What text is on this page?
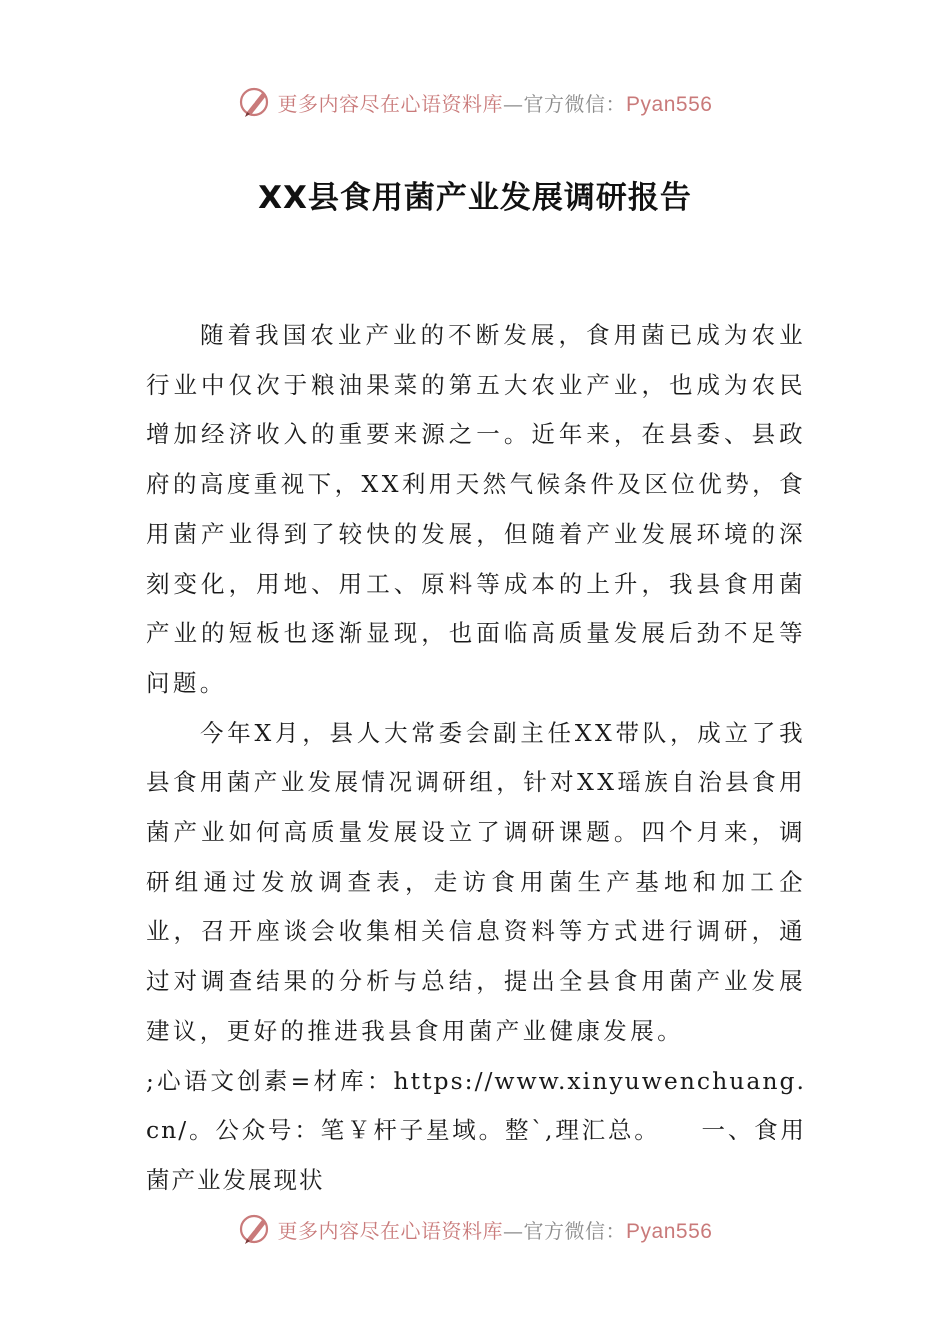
更多内容尽在心语资料库—官方微信：Pyan556
XX县食用菌产业发展调研报告

随着我国农业产业的不断发展，食用菌已成为农业行业中仅次于粮油果菜的第五大农业产业，也成为农民增加经济收入的重要来源之一。近年来，在县委、县政府的高度重视下，XX利用天然气候条件及区位优势，食用菌产业得到了较快的发展，但随着产业发展环境的深刻变化，用地、用工、原料等成本的上升，我县食用菌产业的短板也逐渐显现，也面临高质量发展后劲不足等问题。

今年X月，县人大常委会副主任XX带队，成立了我县食用菌产业发展情况调研组，针对XX瑶族自治县食用菌产业如何高质量发展设立了调研课题。四个月来，调研组通过发放调查表，走访食用菌生产基地和加工企业，召开座谈会收集相关信息资料等方式进行调研，通过对调查结果的分析与总结，提出全县食用菌产业发展建议，更好的推进我县食用菌产业健康发展。

;心语文创素=材库：https://www.xinyuwenchuang.cn/。公众号：笔￥杆子星域。整`,理汇总。　　一、食用菌产业发展现状

更多内容尽在心语资料库—官方微信：Pyan556
